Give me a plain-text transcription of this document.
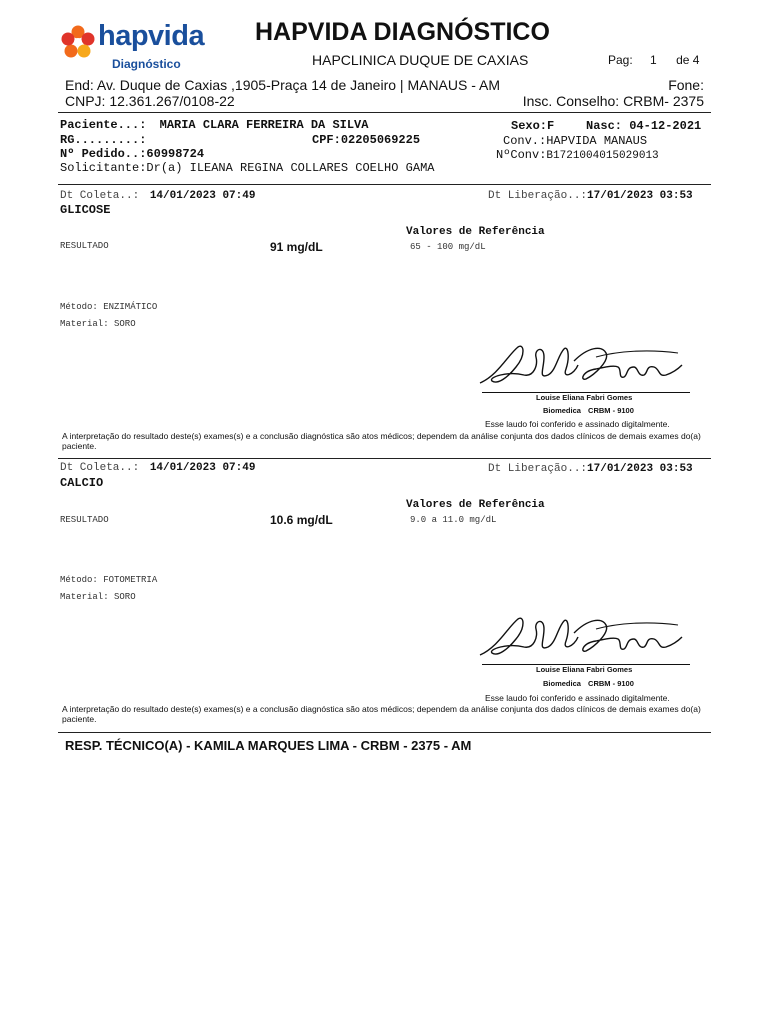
hapvida
Diagnóstico
HAPVIDA DIAGNÓSTICO
HAPCLINICA DUQUE DE CAXIAS	Pag: 1 de 4
End: Av. Duque de Caxias ,1905-Praça 14 de Janeiro | MANAUS - AM	Fone:
CNPJ: 12.361.267/0108-22	Insc. Conselho: CRBM- 2375
Paciente...: MARIA CLARA FERREIRA DA SILVA	Sexo:F	Nasc: 04-12-2021
RG.........:	CPF:02205069225	Conv.:HAPVIDA MANAUS
Nº Pedido..:60998724	NºConv:B1721004015029013
Solicitante:Dr(a) ILEANA REGINA COLLARES COELHO GAMA
Dt Coleta..: 14/01/2023 07:49	Dt Liberação..:17/01/2023 03:53
GLICOSE
Valores de Referência
RESULTADO	91 mg/dL	65 - 100 mg/dL
Método: ENZIMÁTICO
Material: SORO
Louise Eliana Fabri Gomes
Biomedica CRBM - 9100
Esse laudo foi conferido e assinado digitalmente.
A interpretação do resultado deste(s) exames(s) e a conclusão diagnóstica são atos médicos; dependem da análise conjunta dos dados clínicos de demais exames do(a) paciente.
Dt Coleta..: 14/01/2023 07:49	Dt Liberação..:17/01/2023 03:53
CALCIO
Valores de Referência
RESULTADO	10.6 mg/dL	9.0 a 11.0 mg/dL
Método: FOTOMETRIA
Material: SORO
Louise Eliana Fabri Gomes
Biomedica CRBM - 9100
Esse laudo foi conferido e assinado digitalmente.
A interpretação do resultado deste(s) exames(s) e a conclusão diagnóstica são atos médicos; dependem da análise conjunta dos dados clínicos de demais exames do(a) paciente.
RESP. TÉCNICO(A) - KAMILA MARQUES LIMA - CRBM - 2375 - AM
